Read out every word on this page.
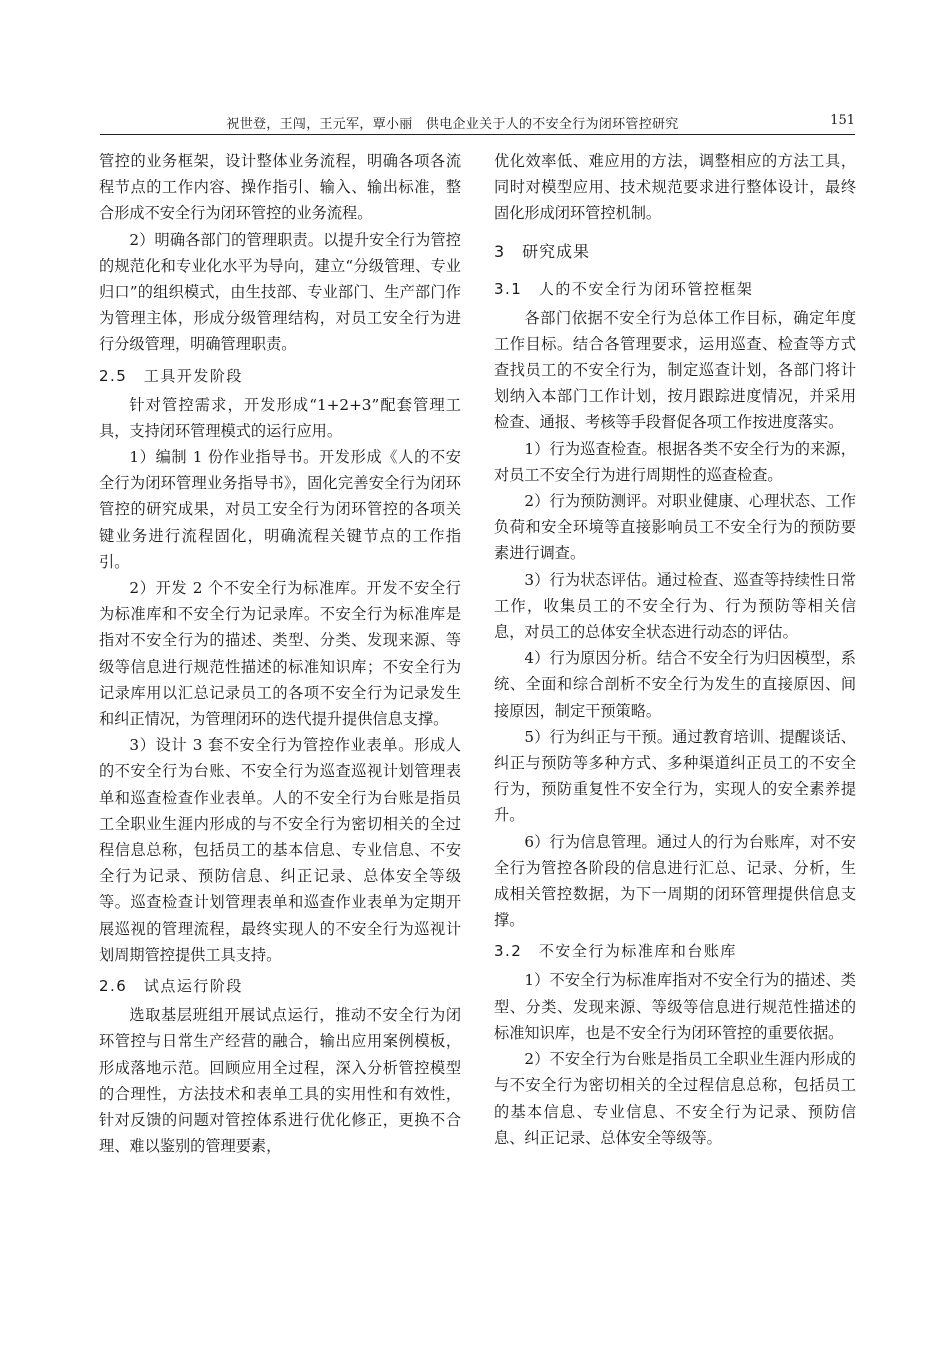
祝世登，王闯，王元军，覃小丽　供电企业关于人的不安全行为闭环管控研究	151

管控的业务框架，设计整体业务流程，明确各项各流程节点的工作内容、操作指引、输入、输出标准，整合形成不安全行为闭环管控的业务流程。

2）明确各部门的管理职责。以提升安全行为管控的规范化和专业化水平为导向，建立“分级管理、专业归口”的组织模式，由生技部、专业部门、生产部门作为管理主体，形成分级管理结构，对员工安全行为进行分级管理，明确管理职责。

2.5　工具开发阶段

针对管控需求，开发形成“1+2+3”配套管理工具，支持闭环管理模式的运行应用。

1）编制 1 份作业指导书。开发形成《人的不安全行为闭环管理业务指导书》，固化完善安全行为闭环管控的研究成果，对员工安全行为闭环管控的各项关键业务进行流程固化，明确流程关键节点的工作指引。

2）开发 2 个不安全行为标准库。开发不安全行为标准库和不安全行为记录库。不安全行为标准库是指对不安全行为的描述、类型、分类、发现来源、等级等信息进行规范性描述的标准知识库；不安全行为记录库用以汇总记录员工的各项不安全行为记录发生和纠正情况，为管理闭环的迭代提升提供信息支撑。

3）设计 3 套不安全行为管控作业表单。形成人的不安全行为台账、不安全行为巡查巡视计划管理表单和巡查检查作业表单。人的不安全行为台账是指员工全职业生涯内形成的与不安全行为密切相关的全过程信息总称，包括员工的基本信息、专业信息、不安全行为记录、预防信息、纠正记录、总体安全等级等。巡查检查计划管理表单和巡查作业表单为定期开展巡视的管理流程，最终实现人的不安全行为巡视计划周期管控提供工具支持。

2.6　试点运行阶段

选取基层班组开展试点运行，推动不安全行为闭环管控与日常生产经营的融合，输出应用案例模板，形成落地示范。回顾应用全过程，深入分析管控模型的合理性，方法技术和表单工具的实用性和有效性，针对反馈的问题对管控体系进行优化修正，更换不合理、难以鉴别的管理要素，

优化效率低、难应用的方法，调整相应的方法工具，同时对模型应用、技术规范要求进行整体设计，最终固化形成闭环管控机制。

3　研究成果
3.1　人的不安全行为闭环管控框架

各部门依据不安全行为总体工作目标，确定年度工作目标。结合各管理要求，运用巡查、检查等方式查找员工的不安全行为，制定巡查计划，各部门将计划纳入本部门工作计划，按月跟踪进度情况，并采用检查、通报、考核等手段督促各项工作按进度落实。

1）行为巡查检查。根据各类不安全行为的来源，对员工不安全行为进行周期性的巡查检查。

2）行为预防测评。对职业健康、心理状态、工作负荷和安全环境等直接影响员工不安全行为的预防要素进行调查。

3）行为状态评估。通过检查、巡查等持续性日常工作，收集员工的不安全行为、行为预防等相关信息，对员工的总体安全状态进行动态的评估。

4）行为原因分析。结合不安全行为归因模型，系统、全面和综合剖析不安全行为发生的直接原因、间接原因，制定干预策略。

5）行为纠正与干预。通过教育培训、提醒谈话、纠正与预防等多种方式、多种渠道纠正员工的不安全行为，预防重复性不安全行为，实现人的安全素养提升。

6）行为信息管理。通过人的行为台账库，对不安全行为管控各阶段的信息进行汇总、记录、分析，生成相关管控数据，为下一周期的闭环管理提供信息支撑。

3.2　不安全行为标准库和台账库

1）不安全行为标准库指对不安全行为的描述、类型、分类、发现来源、等级等信息进行规范性描述的标准知识库，也是不安全行为闭环管控的重要依据。

2）不安全行为台账是指员工全职业生涯内形成的与不安全行为密切相关的全过程信息总称，包括员工的基本信息、专业信息、不安全行为记录、预防信息、纠正记录、总体安全等级等。
